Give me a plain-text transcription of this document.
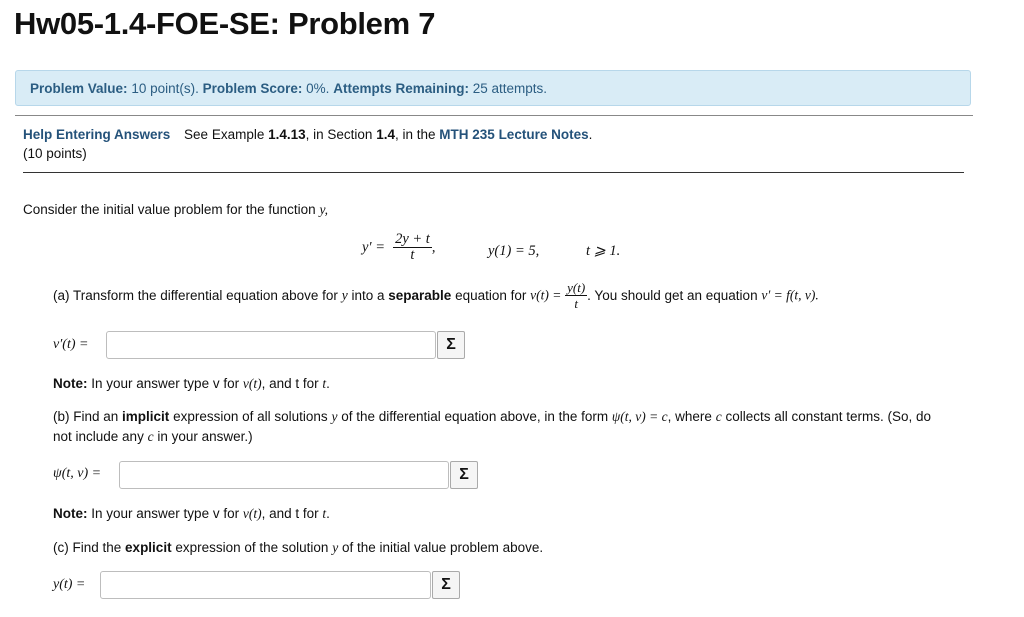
Hw05-1.4-FOE-SE: Problem 7
Problem Value: 10 point(s). Problem Score: 0%. Attempts Remaining: 25 attempts.
Help Entering Answers See Example 1.4.13, in Section 1.4, in the MTH 235 Lecture Notes.
(10 points)
Consider the initial value problem for the function y,
$y' = \frac{2y + t}{t}$ ,	y(1) = 5,	t ⩾ 1.
(a) Transform the differential equation above for y into a separable equation for $v(t) = \frac{y(t)}{t}$ . You should get an equation v′ = f(t, v).
v′(t) =	Σ
Note: In your answer type v for v(t), and t for t.
(b) Find an implicit expression of all solutions y of the differential equation above, in the form ψ(t, v) = c, where c collects all constant terms. (So, do
not include any c in your answer.)
ψ(t, v) =	Σ
Note: In your answer type v for v(t), and t for t.
(c) Find the explicit expression of the solution y of the initial value problem above.
y(t) =	Σ
